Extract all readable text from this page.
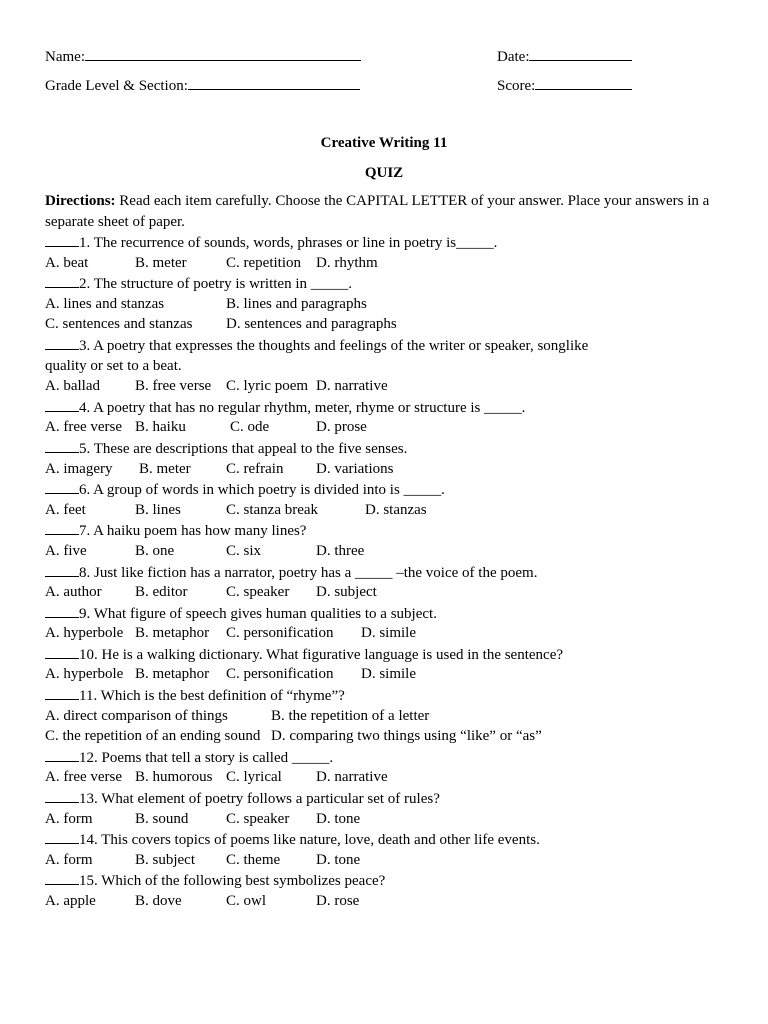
Name:	Date:
Grade Level & Section:	Score:
Creative Writing 11
QUIZ
Directions: Read each item carefully. Choose the CAPITAL LETTER of your answer. Place your answers in a separate sheet of paper.
1. The recurrence of sounds, words, phrases or line in poetry is_____.
A. beat	B. meter	C. repetition D. rhythm
2. The structure of poetry is written in _____.
A. lines and stanzas	B. lines and paragraphs
C. sentences and stanzas D. sentences and paragraphs
3. A poetry that expresses the thoughts and feelings of the writer or speaker, songlike
quality or set to a beat.
A. ballad B. free verse C. lyric poem D. narrative
4. A poetry that has no regular rhythm, meter, rhyme or structure is _____.
A. free verse B. haiku	C. ode	D. prose
5. These are descriptions that appeal to the five senses.
A. imagery B. meter C. refrain D. variations
6. A group of words in which poetry is divided into is _____.
A. feet	B. lines	C. stanza break	D. stanzas
7. A haiku poem has how many lines?
A. five	B. one	C. six	D. three
8. Just like fiction has a narrator, poetry has a _____ –the voice of the poem.
A. author B. editor	C. speaker D. subject
9. What figure of speech gives human qualities to a subject.
A. hyperbole B. metaphor C. personification D. simile
10. He is a walking dictionary. What figurative language is used in the sentence?
A. hyperbole B. metaphor C. personification D. simile
11. Which is the best definition of “rhyme”?
A. direct comparison of things	B. the repetition of a letter
C. the repetition of an ending sound D. comparing two things using “like” or “as”
12. Poems that tell a story is called _____.
A. free verse B. humorous C. lyrical D. narrative
13. What element of poetry follows a particular set of rules?
A. form	B. sound	C. speaker D. tone
14. This covers topics of poems like nature, love, death and other life events.
A. form	B. subject C. theme D. tone
15. Which of the following best symbolizes peace?
A. apple	B. dove	C. owl	D. rose
